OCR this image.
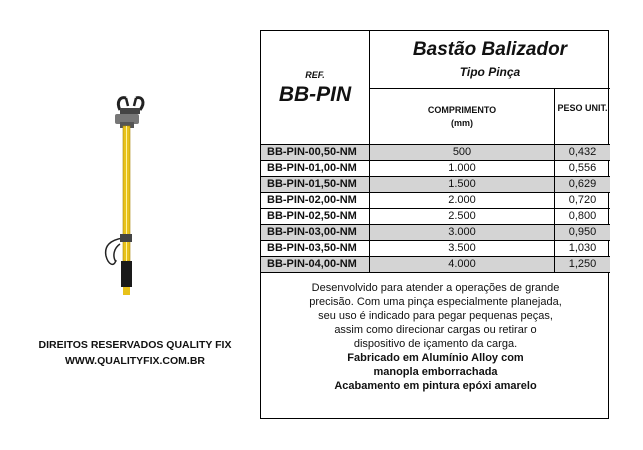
DIREITOS RESERVADOS QUALITY FIX
WWW.QUALITYFIX.COM.BR
REF.
BB-PIN
Bastão Balizador
Tipo Pinça
COMPRIMENTO
(mm)
PESO UNIT.
BB-PIN-00,50-NM	500	0,432
BB-PIN-01,00-NM	1.000	0,556
BB-PIN-01,50-NM	1.500	0,629
BB-PIN-02,00-NM	2.000	0,720
BB-PIN-02,50-NM	2.500	0,800
BB-PIN-03,00-NM	3.000	0,950
BB-PIN-03,50-NM	3.500	1,030
BB-PIN-04,00-NM	4.000	1,250
Desenvolvido para atender a operações de grande
precisão. Com uma pinça especialmente planejada,
seu uso é indicado para pegar pequenas peças,
assim como direcionar cargas ou retirar o
dispositivo de içamento da carga.
Fabricado em Alumínio Alloy com
manopla emborrachada
Acabamento em pintura epóxi amarelo
